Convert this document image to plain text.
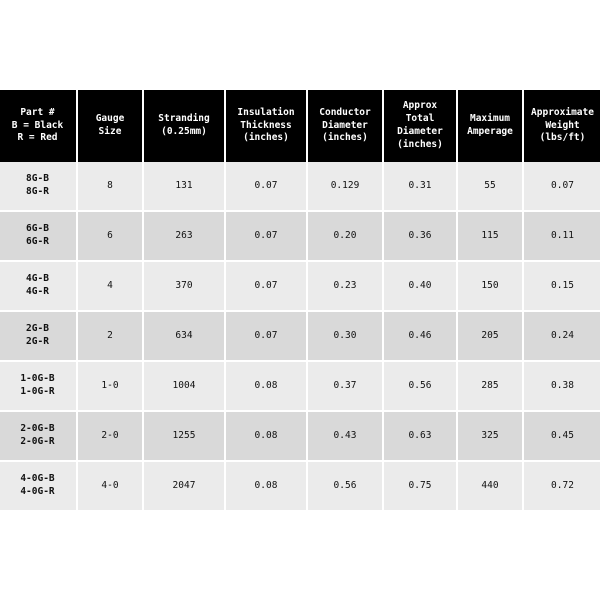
Part #
B = Black
R = Red	Gauge
Size	Stranding
(0.25mm)	Insulation
Thickness
(inches)	Conductor
Diameter
(inches)	Approx
Total
Diameter
(inches)	Maximum
Amperage	Approximate
Weight
(lbs/ft)

8G-B
8G-R	8	131	0.07	0.129	0.31	55	0.07

6G-B
6G-R	6	263	0.07	0.20	0.36	115	0.11

4G-B
4G-R	4	370	0.07	0.23	0.40	150	0.15

2G-B
2G-R	2	634	0.07	0.30	0.46	205	0.24

1-0G-B
1-0G-R	1-0	1004	0.08	0.37	0.56	285	0.38

2-0G-B
2-0G-R	2-0	1255	0.08	0.43	0.63	325	0.45

4-0G-B
4-0G-R	4-0	2047	0.08	0.56	0.75	440	0.72
